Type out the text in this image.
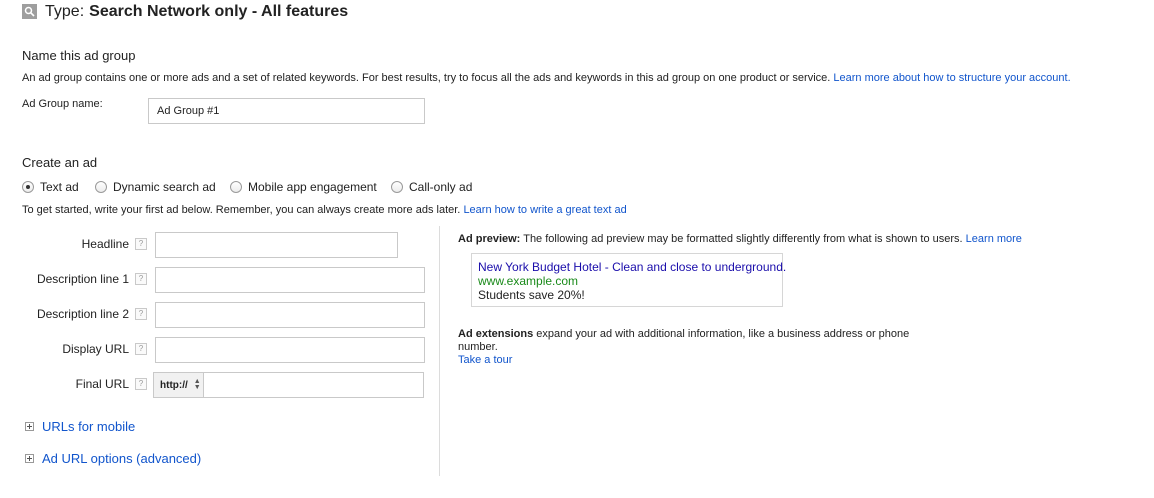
Type: Search Network only - All features
Name this ad group
An ad group contains one or more ads and a set of related keywords. For best results, try to focus all the ads and keywords in this ad group on one product or service. Learn more about how to structure your account.
Ad Group name:
Ad Group #1
Create an ad
Text ad	Dynamic search ad	Mobile app engagement	Call-only ad
To get started, write your first ad below. Remember, you can always create more ads later. Learn how to write a great text ad
Headline	?
Description line 1	?
Description line 2	?
Display URL	?
Final URL	?	http:// ▲
▼
URLs for mobile
Ad URL options (advanced)
Ad preview: The following ad preview may be formatted slightly differently from what is shown to users. Learn more
New York Budget Hotel - Clean and close to underground.
www.example.com
Students save 20%!
Ad extensions expand your ad with additional information, like a business address or phone
number.
Take a tour
